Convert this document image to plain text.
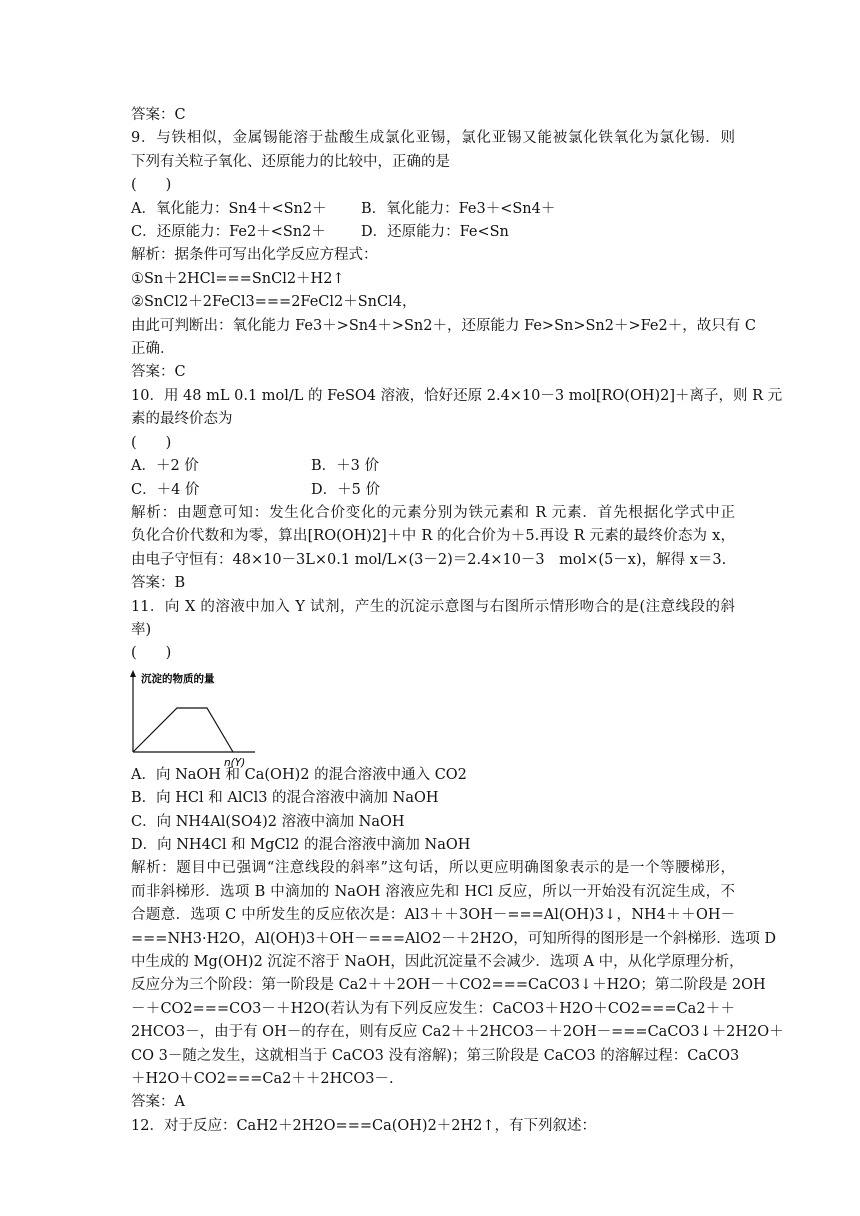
答案：C
9．与铁相似，金属锡能溶于盐酸生成氯化亚锡，氯化亚锡又能被氯化铁氧化为氯化锡．则
下列有关粒子氧化、还原能力的比较中，正确的是
(　　)
A．氧化能力：Sn4＋<Sn2＋	B．氧化能力：Fe3＋<Sn4＋
C．还原能力：Fe2＋<Sn2＋	D．还原能力：Fe<Sn
解析：据条件可写出化学反应方程式：
①Sn＋2HCl===SnCl2＋H2↑
②SnCl2＋2FeCl3===2FeCl2＋SnCl4，
由此可判断出：氧化能力 Fe3＋>Sn4＋>Sn2＋，还原能力 Fe>Sn>Sn2＋>Fe2＋，故只有 C
正确．
答案：C
10．用 48 mL 0.1 mol/L 的 FeSO4 溶液，恰好还原 2.4×10－3 mol[RO(OH)2]＋离子，则 R 元
素的最终价态为
(　　)
A．＋2 价	B．＋3 价
C．＋4 价	D．＋5 价
解析：由题意可知：发生化合价变化的元素分别为铁元素和 R 元素．首先根据化学式中正
负化合价代数和为零，算出[RO(OH)2]＋中 R 的化合价为＋5.再设 R 元素的最终价态为 x，
由电子守恒有：48×10－3L×0.1 mol/L×(3－2)＝2.4×10－3　mol×(5－x)，解得 x＝3.
答案：B
11．向 X 的溶液中加入 Y 试剂，产生的沉淀示意图与右图所示情形吻合的是(注意线段的斜
率)
(　　)
沉淀的物质的量
n(Y)
A．向 NaOH 和 Ca(OH)2 的混合溶液中通入 CO2
B．向 HCl 和 AlCl3 的混合溶液中滴加 NaOH
C．向 NH4Al(SO4)2 溶液中滴加 NaOH
D．向 NH4Cl 和 MgCl2 的混合溶液中滴加 NaOH
解析：题目中已强调“注意线段的斜率”这句话，所以更应明确图象表示的是一个等腰梯形，
而非斜梯形．选项 B 中滴加的 NaOH 溶液应先和 HCl 反应，所以一开始没有沉淀生成，不
合题意．选项 C 中所发生的反应依次是：Al3＋＋3OH－===Al(OH)3↓，NH4＋＋OH－
===NH3·H2O，Al(OH)3＋OH－===AlO2－＋2H2O，可知所得的图形是一个斜梯形．选项 D
中生成的 Mg(OH)2 沉淀不溶于 NaOH，因此沉淀量不会减少．选项 A 中，从化学原理分析，
反应分为三个阶段：第一阶段是 Ca2＋＋2OH－＋CO2===CaCO3↓＋H2O；第二阶段是 2OH
－＋CO2===CO3－＋H2O(若认为有下列反应发生：CaCO3＋H2O＋CO2===Ca2＋＋
2HCO3－，由于有 OH－的存在，则有反应 Ca2＋＋2HCO3－＋2OH－===CaCO3↓＋2H2O＋
CO 3－随之发生，这就相当于 CaCO3 没有溶解)；第三阶段是 CaCO3 的溶解过程：CaCO3
＋H2O＋CO2===Ca2＋＋2HCO3－.
答案：A
12．对于反应：CaH2＋2H2O===Ca(OH)2＋2H2↑，有下列叙述：
